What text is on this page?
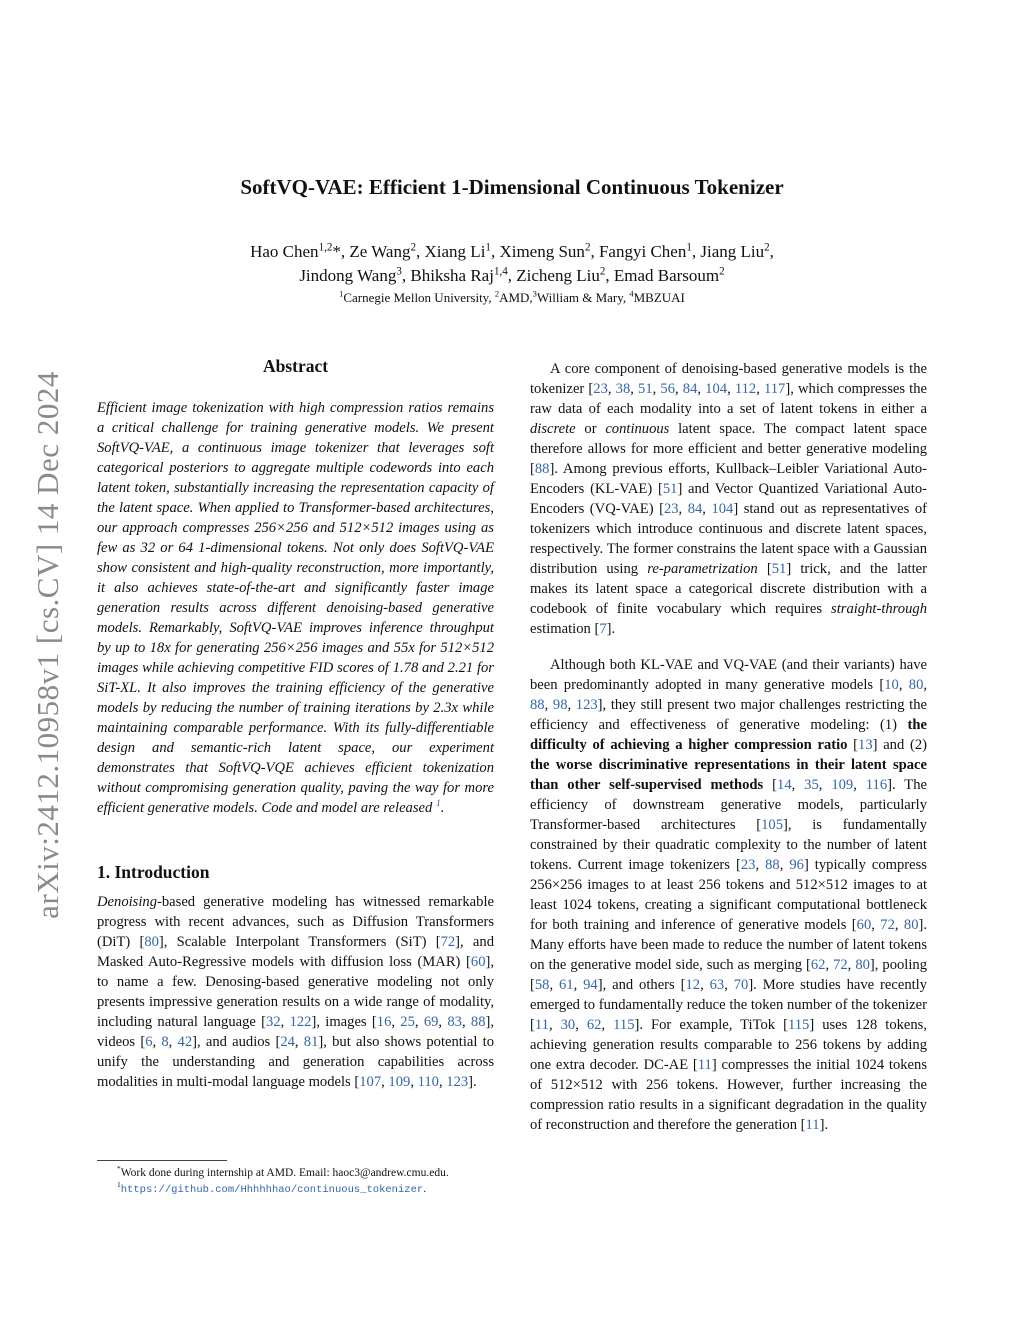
arXiv:2412.10958v1 [cs.CV] 14 Dec 2024
SoftVQ-VAE: Efficient 1-Dimensional Continuous Tokenizer
Hao Chen$^{1,2}$*, Ze Wang$^2$, Xiang Li$^1$, Ximeng Sun$^2$, Fangyi Chen$^1$, Jiang Liu$^2$,
Jindong Wang$^3$, Bhiksha Raj$^{1,4}$, Zicheng Liu$^2$, Emad Barsoum$^2$
$^1$Carnegie Mellon University, $^2$AMD,$^3$William & Mary, $^4$MBZUAI
Abstract

Efficient image tokenization with high compression ratios remains a critical challenge for training generative models. We present SoftVQ-VAE, a continuous image tokenizer that leverages soft categorical posteriors to aggregate multiple codewords into each latent token, substantially increasing the representation capacity of the latent space. When applied to Transformer-based architectures, our approach compresses 256×256 and 512×512 images using as few as 32 or 64 1-dimensional tokens. Not only does SoftVQ-VAE show consistent and high-quality reconstruction, more importantly, it also achieves state-of-the-art and significantly faster image generation results across different denoising-based generative models. Remarkably, SoftVQ-VAE improves inference throughput by up to 18x for generating 256×256 images and 55x for 512×512 images while achieving competitive FID scores of 1.78 and 2.21 for SiT-XL. It also improves the training efficiency of the generative models by reducing the number of training iterations by 2.3x while maintaining comparable performance. With its fully-differentiable design and semantic-rich latent space, our experiment demonstrates that SoftVQ-VQE achieves efficient tokenization without compromising generation quality, paving the way for more efficient generative models. Code and model are released $^1$.

1. Introduction

Denoising-based generative modeling has witnessed remarkable progress with recent advances, such as Diffusion Transformers (DiT) [80], Scalable Interpolant Transformers (SiT) [72], and Masked Auto-Regressive models with diffusion loss (MAR) [60], to name a few. Denosing-based generative modeling not only presents impressive generation results on a wide range of modality, including natural language [32, 122], images [16, 25, 69, 83, 88], videos [6, 8, 42], and audios [24, 81], but also shows potential to unify the understanding and generation capabilities across modalities in multi-modal language models [107, 109, 110, 123].

A core component of denoising-based generative models is the tokenizer [23, 38, 51, 56, 84, 104, 112, 117], which compresses the raw data of each modality into a set of latent tokens in either a discrete or continuous latent space. The compact latent space therefore allows for more efficient and better generative modeling [88]. Among previous efforts, Kullback–Leibler Variational Auto-Encoders (KL-VAE) [51] and Vector Quantized Variational Auto-Encoders (VQ-VAE) [23, 84, 104] stand out as representatives of tokenizers which introduce continuous and discrete latent spaces, respectively. The former constrains the latent space with a Gaussian distribution using re-parametrization [51] trick, and the latter makes its latent space a categorical discrete distribution with a codebook of finite vocabulary which requires straight-through estimation [7].

Although both KL-VAE and VQ-VAE (and their variants) have been predominantly adopted in many generative models [10, 80, 88, 98, 123], they still present two major challenges restricting the efficiency and effectiveness of generative modeling: (1) the difficulty of achieving a higher compression ratio [13] and (2) the worse discriminative representations in their latent space than other self-supervised methods [14, 35, 109, 116]. The efficiency of downstream generative models, particularly Transformer-based architectures [105], is fundamentally constrained by their quadratic complexity to the number of latent tokens. Current image tokenizers [23, 88, 96] typically compress 256×256 images to at least 256 tokens and 512×512 images to at least 1024 tokens, creating a significant computational bottleneck for both training and inference of generative models [60, 72, 80]. Many efforts have been made to reduce the number of latent tokens on the generative model side, such as merging [62, 72, 80], pooling [58, 61, 94], and others [12, 63, 70]. More studies have recently emerged to fundamentally reduce the token number of the tokenizer [11, 30, 62, 115]. For example, TiTok [115] uses 128 tokens, achieving generation results comparable to 256 tokens by adding one extra decoder. DC-AE [11] compresses the initial 1024 tokens of 512×512 with 256 tokens. However, further increasing the compression ratio results in a significant degradation in the quality of reconstruction and therefore the generation [11].

*Work done during internship at AMD. Email: haoc3@andrew.cmu.edu.
$^1$https://github.com/Hhhhhhao/continuous_tokenizer.
